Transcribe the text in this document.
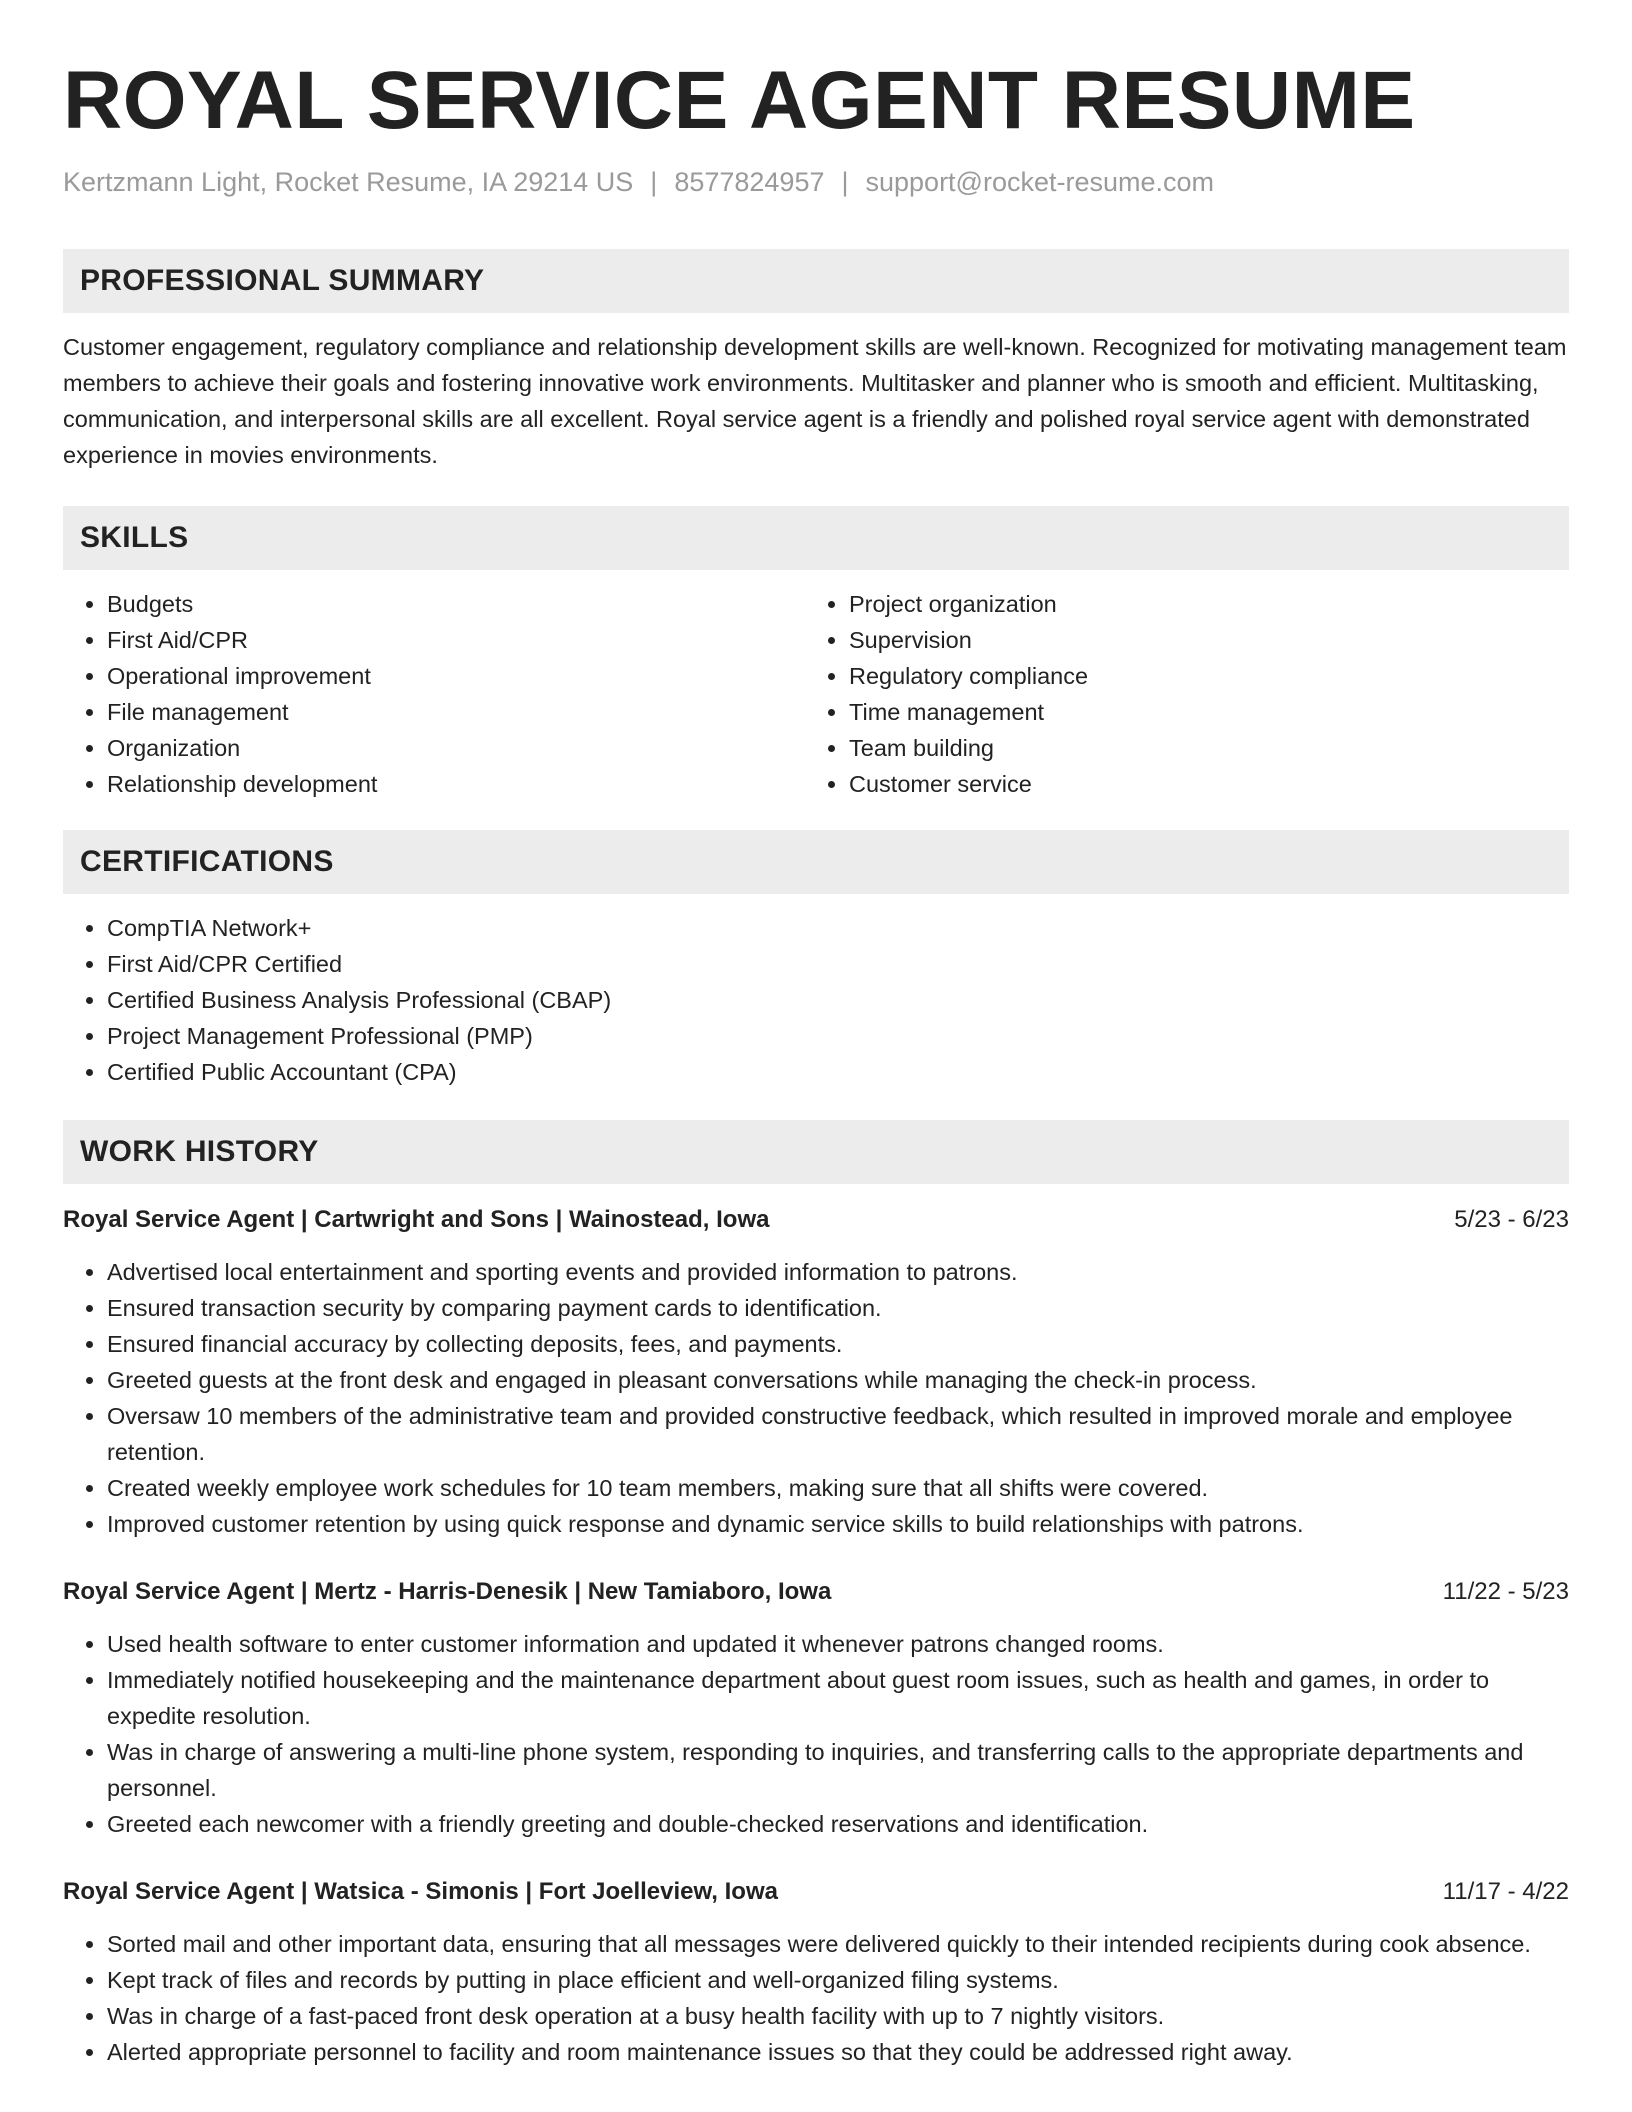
ROYAL SERVICE AGENT RESUME
Kertzmann Light, Rocket Resume, IA 29214 US | 8577824957 | support@rocket-resume.com
PROFESSIONAL SUMMARY

Customer engagement, regulatory compliance and relationship development skills are well-known. Recognized for motivating management team members to achieve their goals and fostering innovative work environments. Multitasker and planner who is smooth and efficient. Multitasking, communication, and interpersonal skills are all excellent. Royal service agent is a friendly and polished royal service agent with demonstrated experience in movies environments.

SKILLS
• Budgets
• First Aid/CPR
• Operational improvement
• File management
• Organization
• Relationship development
• Project organization
• Supervision
• Regulatory compliance
• Time management
• Team building
• Customer service
CERTIFICATIONS
• CompTIA Network+
• First Aid/CPR Certified
• Certified Business Analysis Professional (CBAP)
• Project Management Professional (PMP)
• Certified Public Accountant (CPA)
WORK HISTORY
Royal Service Agent | Cartwright and Sons | Wainostead, Iowa	5/23 - 6/23
• Advertised local entertainment and sporting events and provided information to patrons.
• Ensured transaction security by comparing payment cards to identification.
• Ensured financial accuracy by collecting deposits, fees, and payments.
• Greeted guests at the front desk and engaged in pleasant conversations while managing the check-in process.
• Oversaw 10 members of the administrative team and provided constructive feedback, which resulted in improved morale and employee retention.
• Created weekly employee work schedules for 10 team members, making sure that all shifts were covered.
• Improved customer retention by using quick response and dynamic service skills to build relationships with patrons.
Royal Service Agent | Mertz - Harris-Denesik | New Tamiaboro, Iowa	11/22 - 5/23
• Used health software to enter customer information and updated it whenever patrons changed rooms.
• Immediately notified housekeeping and the maintenance department about guest room issues, such as health and games, in order to expedite resolution.
• Was in charge of answering a multi-line phone system, responding to inquiries, and transferring calls to the appropriate departments and personnel.
• Greeted each newcomer with a friendly greeting and double-checked reservations and identification.
Royal Service Agent | Watsica - Simonis | Fort Joelleview, Iowa	11/17 - 4/22
• Sorted mail and other important data, ensuring that all messages were delivered quickly to their intended recipients during cook absence.
• Kept track of files and records by putting in place efficient and well-organized filing systems.
• Was in charge of a fast-paced front desk operation at a busy health facility with up to 7 nightly visitors.
• Alerted appropriate personnel to facility and room maintenance issues so that they could be addressed right away.
